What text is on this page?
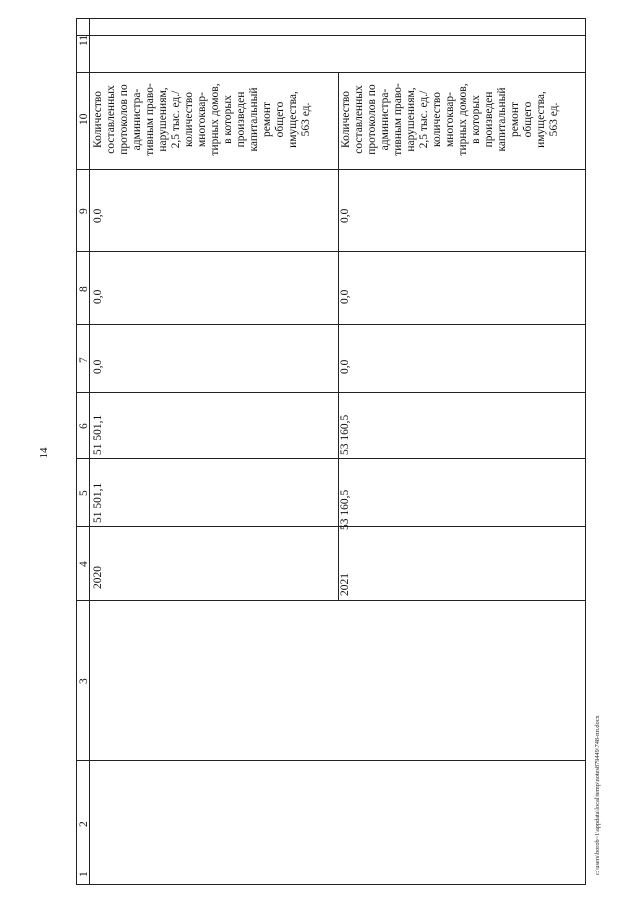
14
c:\users\borob~1\appdata\local\temp\notes879449\748-пп.docx
11
10
9
8
7
6
5
4
3
2
1
2020
51 501,1
51 501,1
0,0
0,0
0,0
Количество составленных протоколов по администра- тивным право- нарушениям, 2,5 тыс. ед./ количество многоквар- тирных домов, в которых произведен капитальный ремонт общего имущества, 563 ед.
2021
53 160,5
53 160,5
0,0
0,0
0,0
Количество составленных протоколов по администра- тивным право- нарушениям, 2,5 тыс. ед./ количество многоквар- тирных домов, в которых произведен капитальный ремонт общего имущества, 563 ед.
